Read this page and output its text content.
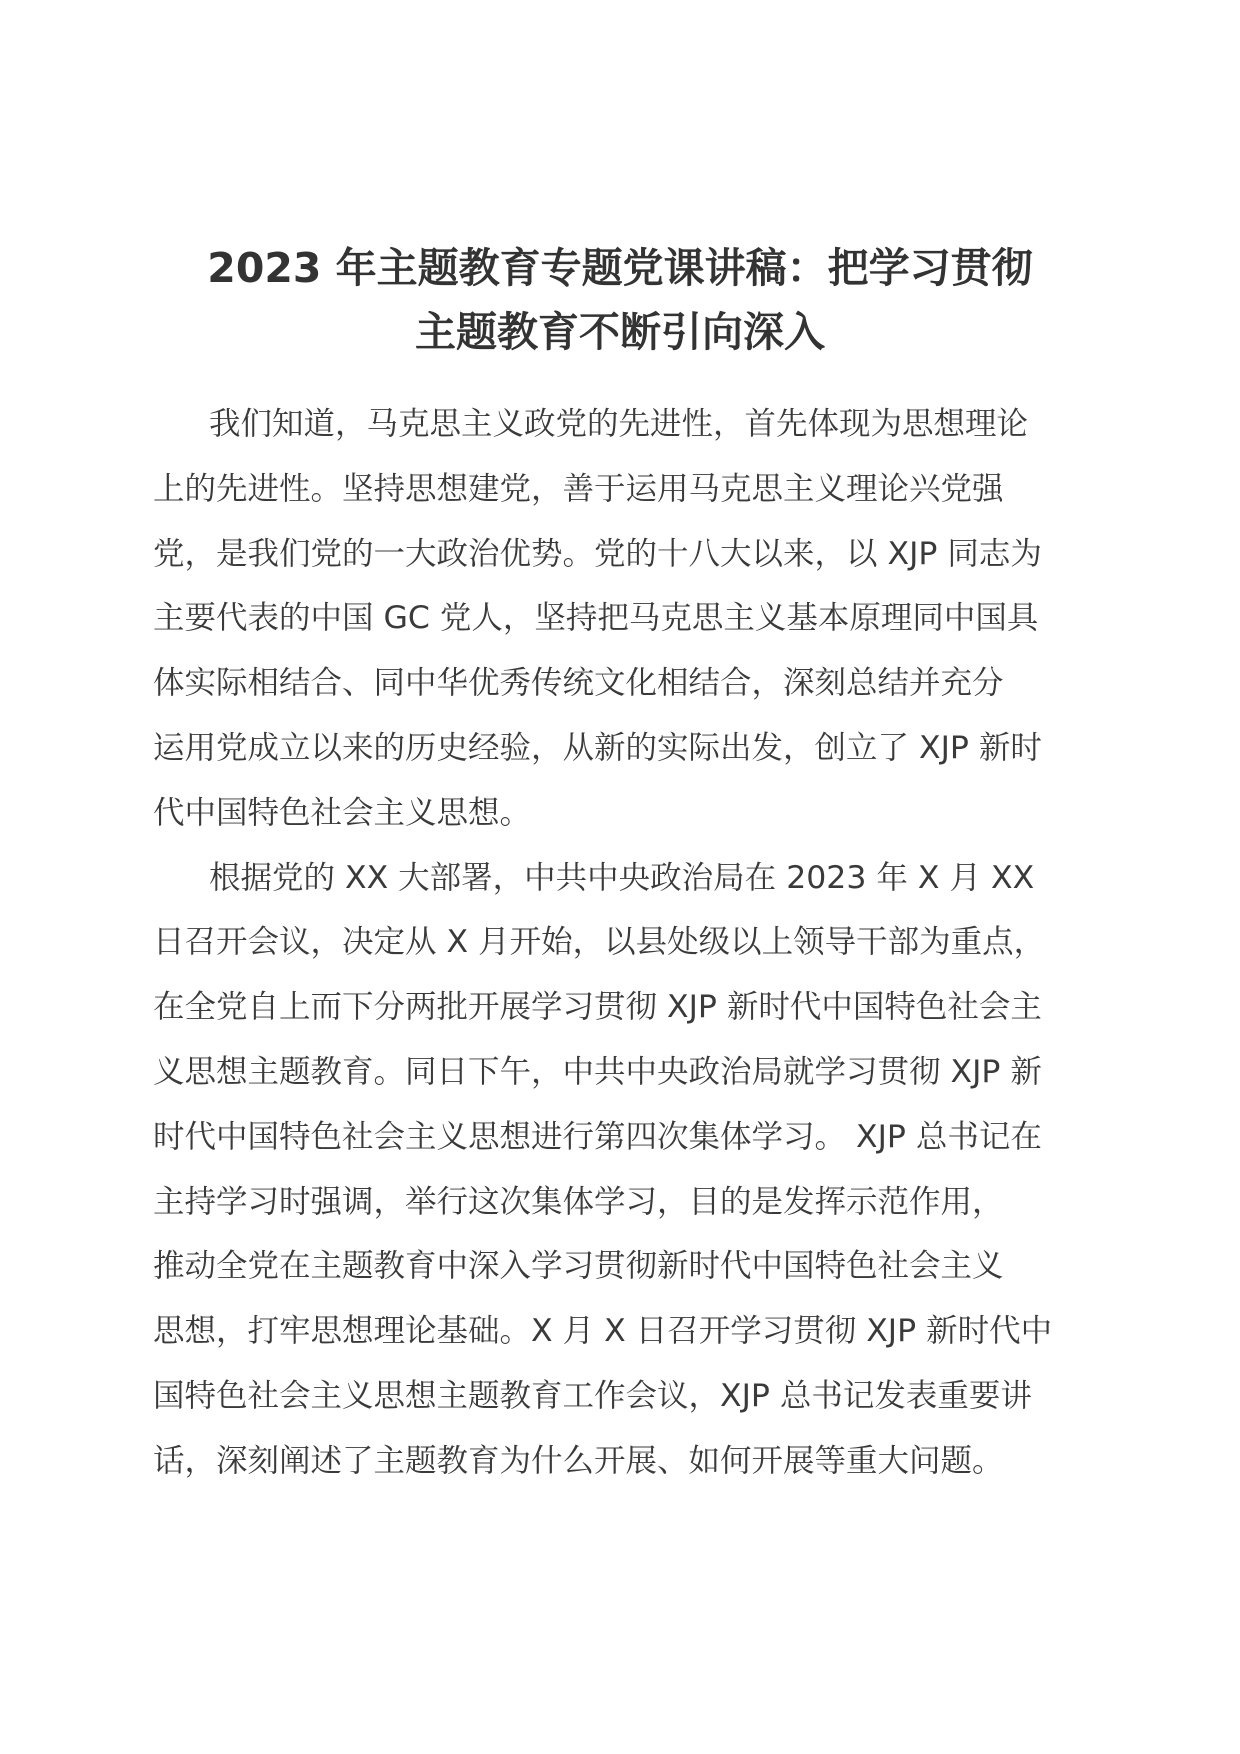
2023 年主题教育专题党课讲稿：把学习贯彻
主题教育不断引向深入
我们知道，马克思主义政党的先进性，首先体现为思想理论
上的先进性。坚持思想建党，善于运用马克思主义理论兴党强
党，是我们党的一大政治优势。党的十八大以来，以 XJP 同志为
主要代表的中国 GC 党人，坚持把马克思主义基本原理同中国具
体实际相结合、同中华优秀传统文化相结合，深刻总结并充分
运用党成立以来的历史经验，从新的实际出发，创立了 XJP 新时
代中国特色社会主义思想。
根据党的 XX 大部署，中共中央政治局在 2023 年 X 月 XX
日召开会议，决定从 X 月开始，以县处级以上领导干部为重点，
在全党自上而下分两批开展学习贯彻 XJP 新时代中国特色社会主
义思想主题教育。同日下午，中共中央政治局就学习贯彻 XJP 新
时代中国特色社会主义思想进行第四次集体学习。 XJP 总书记在
主持学习时强调，举行这次集体学习，目的是发挥示范作用，
推动全党在主题教育中深入学习贯彻新时代中国特色社会主义
思想，打牢思想理论基础。X 月 X 日召开学习贯彻 XJP 新时代中
国特色社会主义思想主题教育工作会议，XJP 总书记发表重要讲
话，深刻阐述了主题教育为什么开展、如何开展等重大问题。
